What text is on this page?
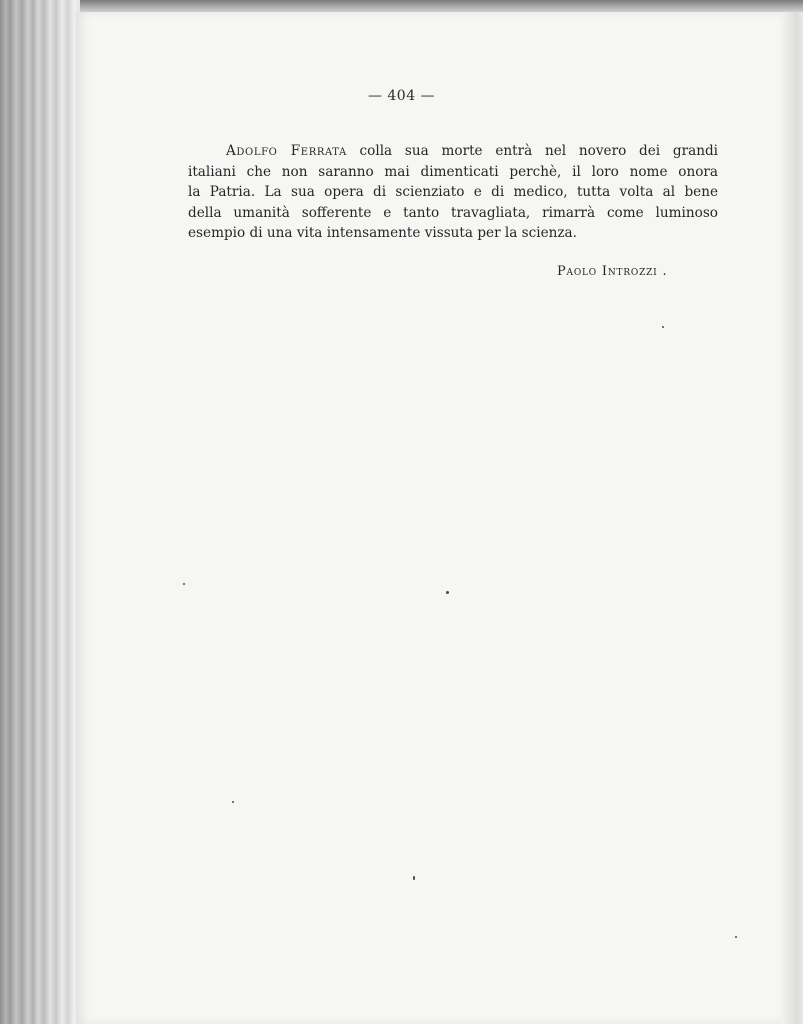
— 404 —
Adolfo Ferrata colla sua morte entrà nel novero dei grandi
italiani che non saranno mai dimenticati perchè, il loro nome onora
la Patria. La sua opera di scienziato e di medico, tutta volta al bene
della umanità sofferente e tanto travagliata, rimarrà come luminoso
esempio di una vita intensamente vissuta per la scienza.
Paolo Introzzi .
